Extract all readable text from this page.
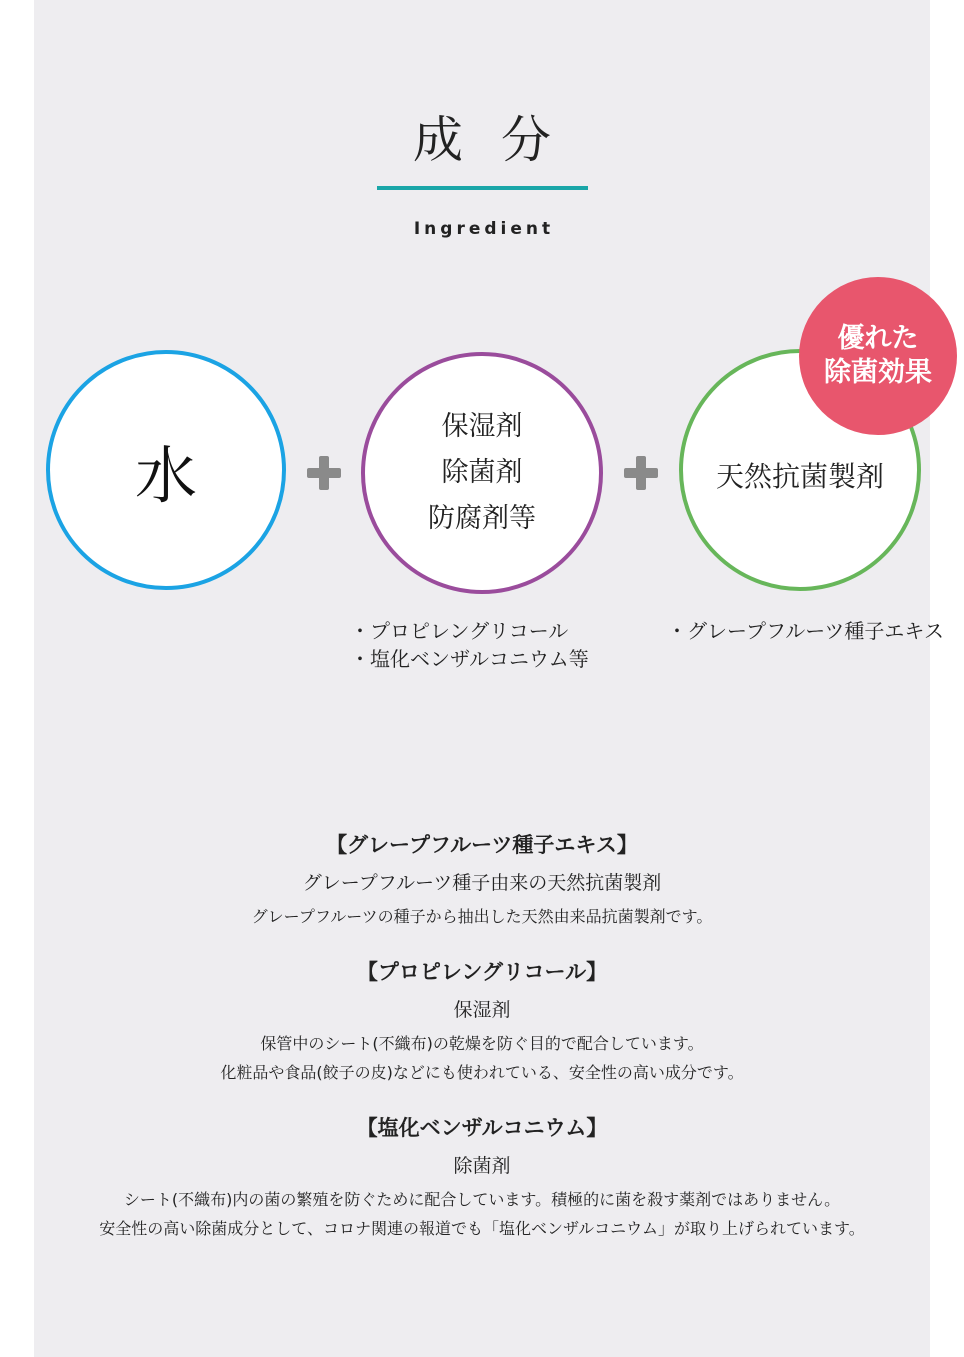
成分
Ingredient
水
保湿剤
除菌剤
防腐剤等
天然抗菌製剤
優れた
除菌効果
・プロピレングリコール
・塩化ベンザルコニウム等
・グレープフルーツ種子エキス
【グレープフルーツ種子エキス】
グレープフルーツ種子由来の天然抗菌製剤
グレープフルーツの種子から抽出した天然由来品抗菌製剤です。
【プロピレングリコール】
保湿剤
保管中のシート(不織布)の乾燥を防ぐ目的で配合しています。
化粧品や食品(餃子の皮)などにも使われている、安全性の高い成分です。
【塩化ベンザルコニウム】
除菌剤
シート(不織布)内の菌の繁殖を防ぐために配合しています。積極的に菌を殺す薬剤ではありません。
安全性の高い除菌成分として、コロナ関連の報道でも「塩化ベンザルコニウム」が取り上げられています。
